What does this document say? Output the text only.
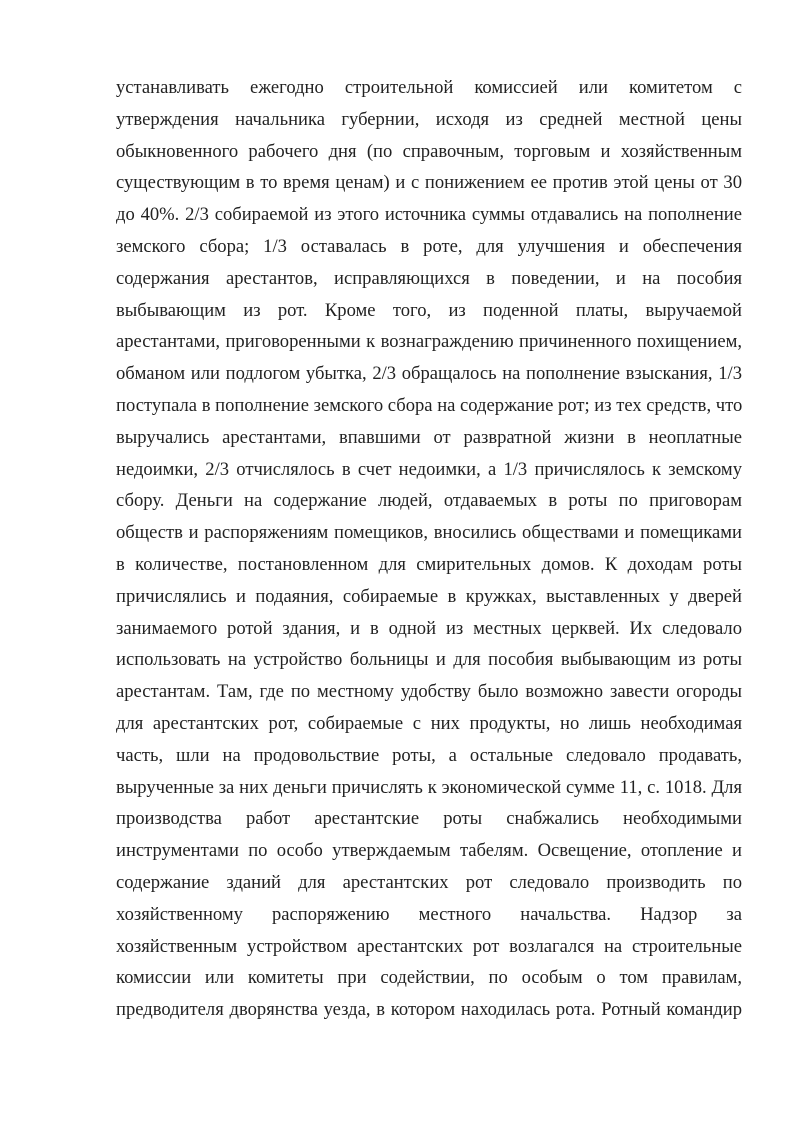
устанавливать ежегодно строительной комиссией или комитетом с
утверждения начальника губернии, исходя из средней местной цены
обыкновенного рабочего дня (по справочным, торговым и хозяйственным
существующим в то время ценам) и с понижением ее против этой цены от 30
до 40%. 2/3 собираемой из этого источника суммы отдавались на пополнение
земского сбора; 1/3 оставалась в роте, для улучшения и обеспечения
содержания арестантов, исправляющихся в поведении, и на пособия
выбывающим из рот. Кроме того, из поденной платы, выручаемой
арестантами, приговоренными к вознаграждению причиненного похищением,
обманом или подлогом убытка, 2/3 обращалось на пополнение взыскания, 1/3
поступала в пополнение земского сбора на содержание рот; из тех средств, что
выручались арестантами, впавшими от развратной жизни в неоплатные
недоимки, 2/3 отчислялось в счет недоимки, а 1/3 причислялось к земскому
сбору. Деньги на содержание людей, отдаваемых в роты по приговорам
обществ и распоряжениям помещиков, вносились обществами и помещиками
в количестве, постановленном для смирительных домов. К доходам роты
причислялись и подаяния, собираемые в кружках, выставленных у дверей
занимаемого ротой здания, и в одной из местных церквей. Их следовало
использовать на устройство больницы и для пособия выбывающим из роты
арестантам. Там, где по местному удобству было возможно завести огороды
для арестантских рот, собираемые с них продукты, но лишь необходимая
часть, шли на продовольствие роты, а остальные следовало продавать,
вырученные за них деньги причислять к экономической сумме 11, с. 1018. Для
производства работ арестантские роты снабжались необходимыми
инструментами по особо утверждаемым табелям. Освещение, отопление и
содержание зданий для арестантских рот следовало производить по
хозяйственному распоряжению местного начальства. Надзор за
хозяйственным устройством арестантских рот возлагался на строительные
комиссии или комитеты при содействии, по особым о том правилам,
предводителя дворянства уезда, в котором находилась рота. Ротный командир
